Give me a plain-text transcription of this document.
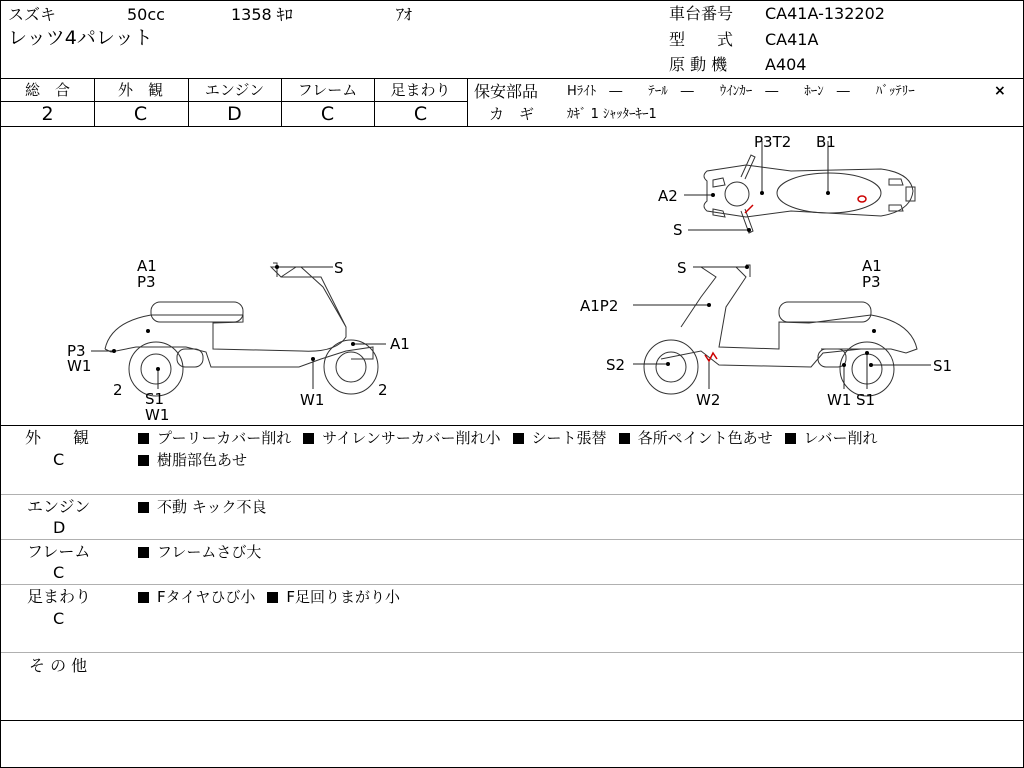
スズキ	50cc	1358 ｷﾛ	ｱｵ
レッツ4パレット
車台番号 CA41A-132202
型　　式 CA41A
原 動 機 A404
総　合	外　観	エンジン	フレーム	足まわり
2	C	D	C	C
保安部品 Hﾗｲﾄ　―　　ﾃｰﾙ　―　　ｳｲﾝｶｰ　―　　ﾎｰﾝ　―　　ﾊﾞｯﾃﾘｰ	×
カ　ギ	ｶｷﾞ 1 ｼｬｯﾀｰｷｰ1
P3T2 B1
A2
S
A1
P3
S
P3
W1
A1
2 S1
W1
W1
2
S	A1
P3
A1P2
S2	S1
W2	W1 S1
外　　観
C
プーリーカバー削れ サイレンサーカバー削れ小 シート張替 各所ペイント色あせ レバー削れ
樹脂部色あせ
エンジン
D
不動 キック不良
フレーム
C
フレームさび大
足まわり
C
Fタイヤひび小 F足回りまがり小
そ の 他
